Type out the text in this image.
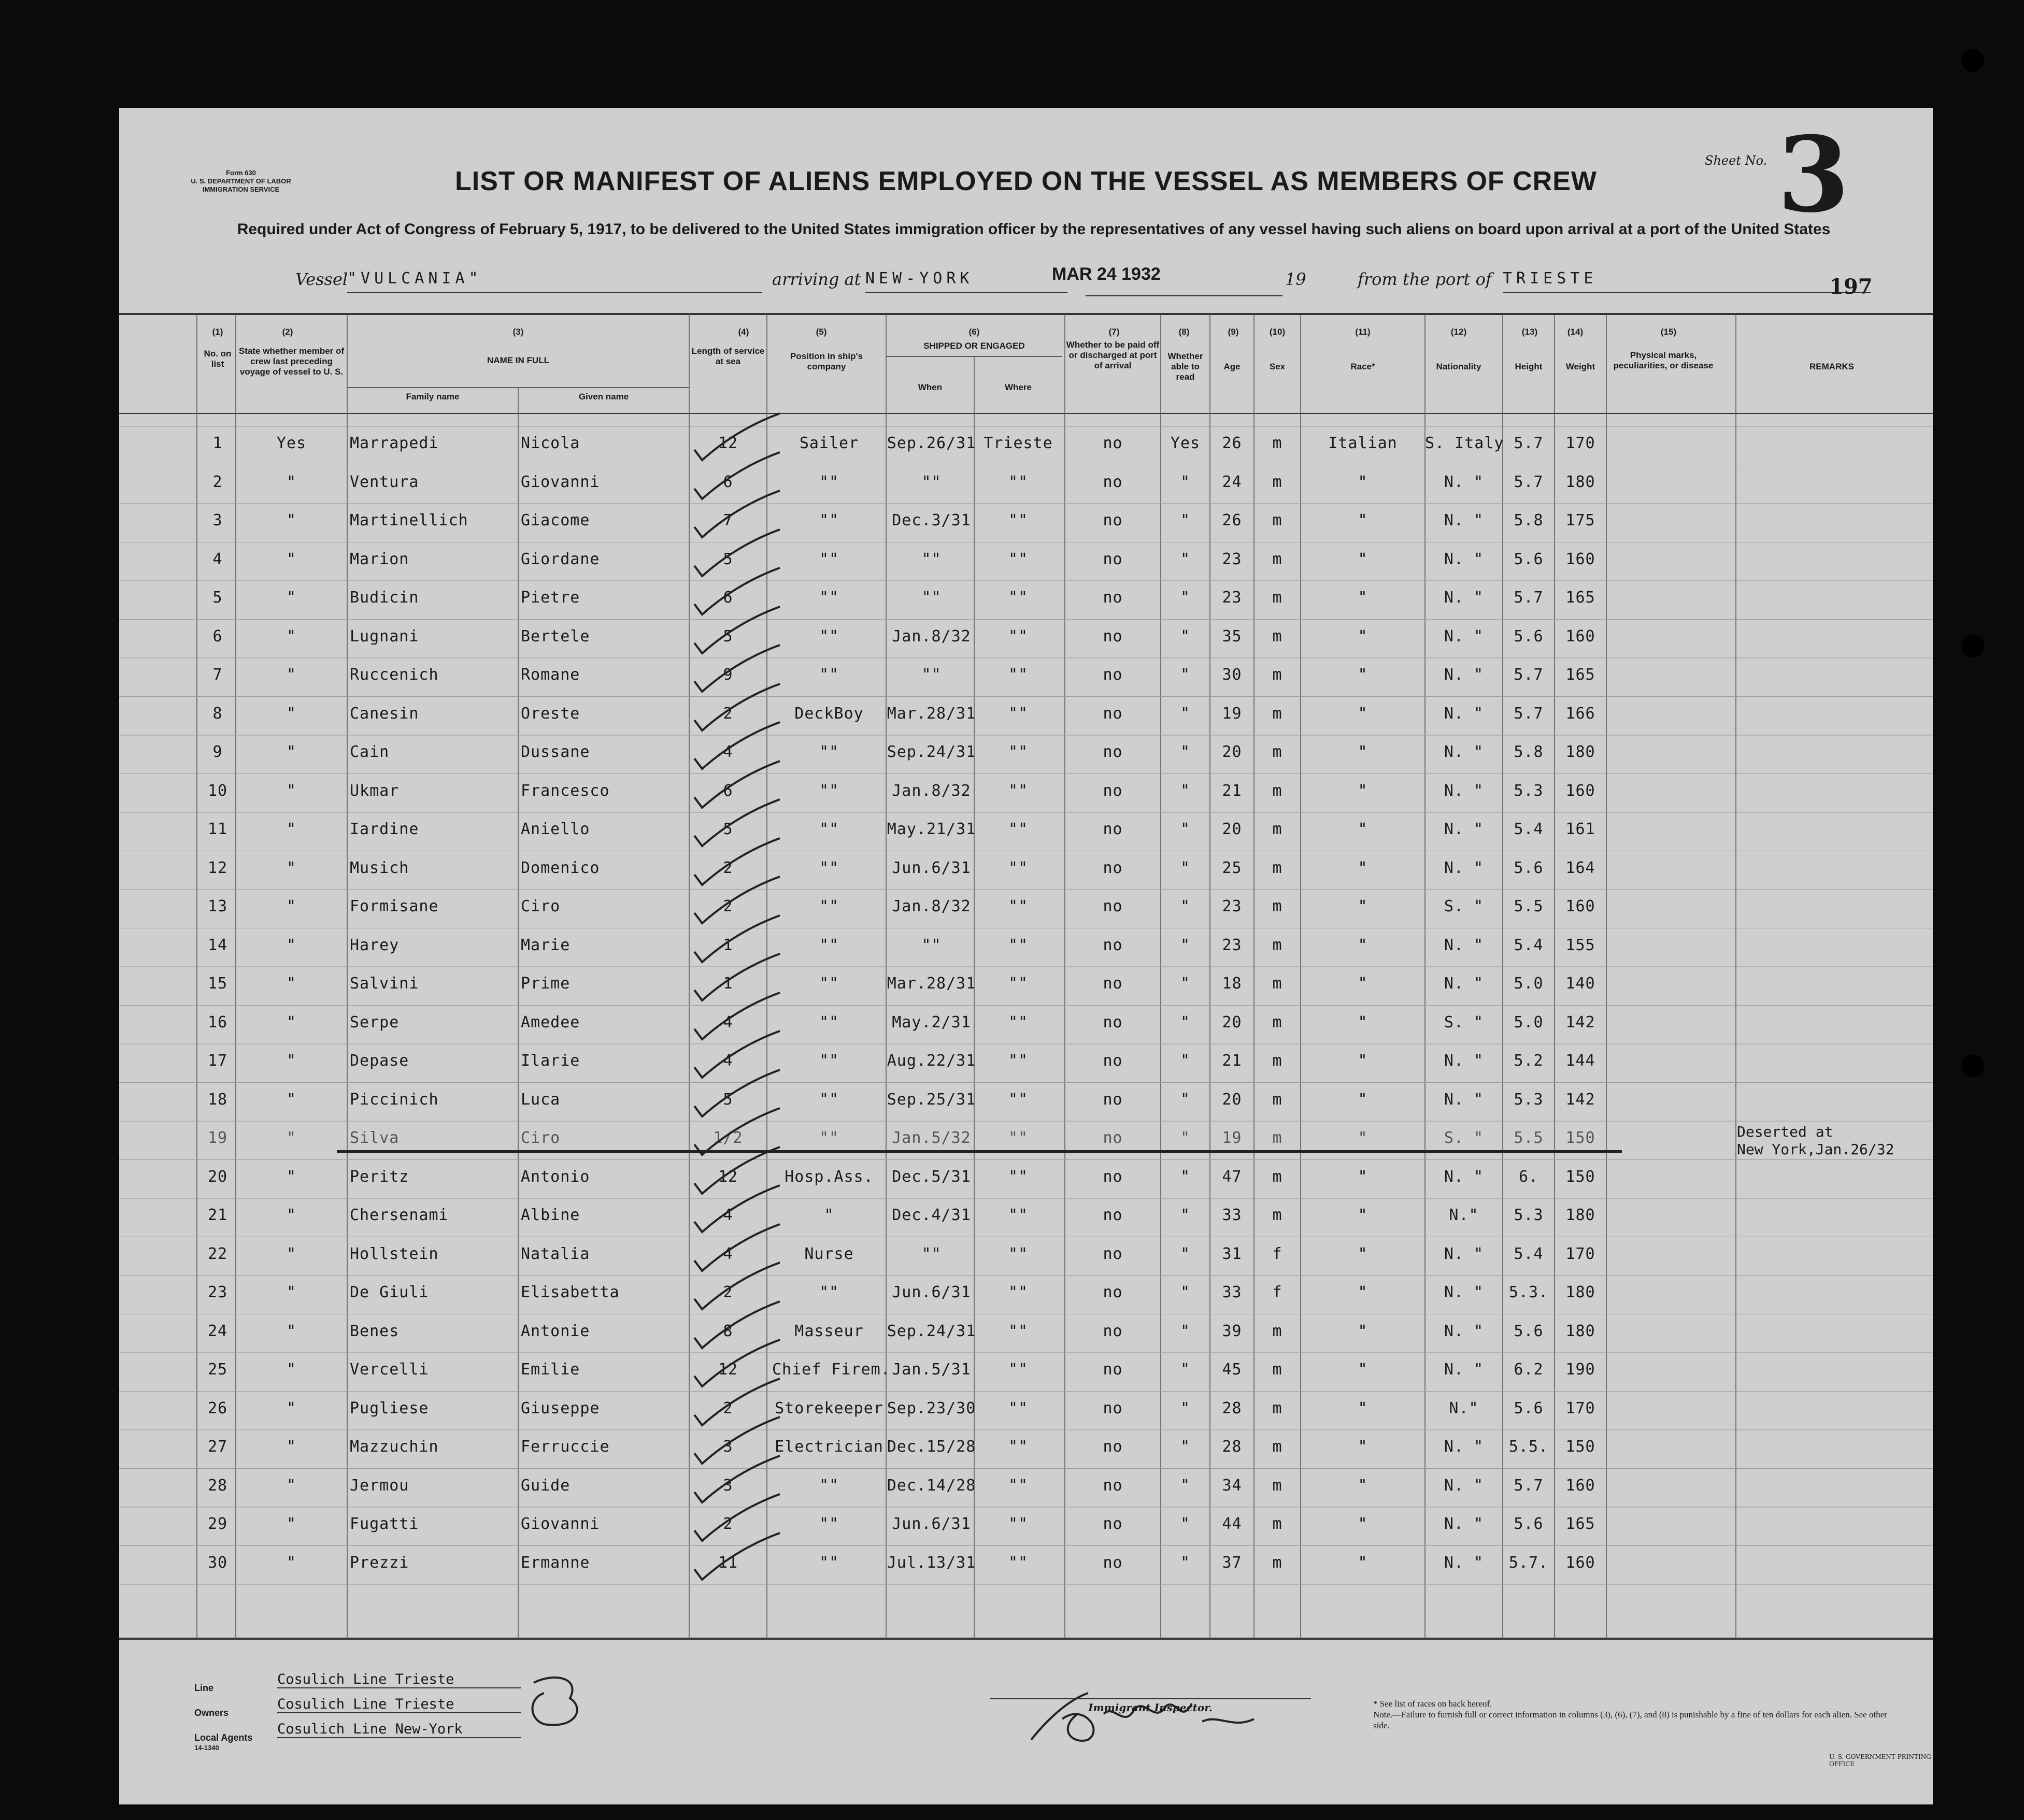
Form 630
U. S. DEPARTMENT OF LABOR
IMMIGRATION SERVICE	LIST OR MANIFEST OF ALIENS EMPLOYED ON THE VESSEL AS MEMBERS OF CREW
Required under Act of Congress of February 5, 1917, to be delivered to the United States immigration officer by the representatives of any vessel having such aliens on board upon arrival at a port of the United States
Sheet No. 3
Vessel
"VULCANIA"	arriving at NEW-YORK	MAR 24 1932	19	from the port of TRIESTE	197
(1)	(2)	(3)	(4)	(5)	(6)	(7)	(8)	(9)	(10)	(11)	(12)	(13)	(14)	(15)
No. on list
State whether member of crew last preceding voyage of vessel to U. S.
NAME IN FULL
Family name	Given name
Length of service at sea
Position in ship's company
SHIPPED OR ENGAGED
When	Where
Whether to be paid off or discharged at port of arrival
Whether able to read
Age	Sex	Race*	Nationality	Height	Weight
Physical marks, peculiarities, or disease	REMARKS
1	Yes	Marrapedi	Nicola	12	Sailer	Sep.26/31 Trieste	no	Yes	26	m	Italian	S. Italy 5.7	170
2	"	Ventura	Giovanni	6	""	""	""	no	"	24	m	"	N. "	5.7	180
3	"	Martinellich	Giacome	7	""	Dec.3/31	""	no	"	26	m	"	N. "	5.8	175
4	"	Marion	Giordane	5	""	""	""	no	"	23	m	"	N. "	5.6	160
5	"	Budicin	Pietre	6	""	""	""	no	"	23	m	"	N. "	5.7	165
6	"	Lugnani	Bertele	5	""	Jan.8/32	""	no	"	35	m	"	N. "	5.6	160
7	"	Ruccenich	Romane	9	""	""	""	no	"	30	m	"	N. "	5.7	165
8	"	Canesin	Oreste	2	DeckBoy	Mar.28/31	""	no	"	19	m	"	N. "	5.7	166
9	"	Cain	Dussane	4	""	Sep.24/31	""	no	"	20	m	"	N. "	5.8	180
10	"	Ukmar	Francesco	6	""	Jan.8/32	""	no	"	21	m	"	N. "	5.3	160
11	"	Iardine	Aniello	5	""	May.21/31	""	no	"	20	m	"	N. "	5.4	161
12	"	Musich	Domenico	2	""	Jun.6/31	""	no	"	25	m	"	N. "	5.6	164
13	"	Formisane	Ciro	2	""	Jan.8/32	""	no	"	23	m	"	S. "	5.5	160
14	"	Harey	Marie	1	""	""	""	no	"	23	m	"	N. "	5.4	155
15	"	Salvini	Prime	1	""	Mar.28/31	""	no	"	18	m	"	N. "	5.0	140
16	"	Serpe	Amedee	4	""	May.2/31	""	no	"	20	m	"	S. "	5.0	142
17	"	Depase	Ilarie	4	""	Aug.22/31	""	no	"	21	m	"	N. "	5.2	144
18	"	Piccinich	Luca	5	""	Sep.25/31	""	no	"	20	m	"	N. "	5.3	142
19	"	Silva	Ciro	1/2	""	Jan.5/32	""	no	"	19	m	"	S. "	5.5	150
20	"	Peritz	Antonio	12	Hosp.Ass.	Dec.5/31	""	no	"	47	m	"	N. "	6.	150
21	"	Chersenami	Albine	4	"	Dec.4/31	""	no	"	33	m	"	N."	5.3	180
22	"	Hollstein	Natalia	4	Nurse	""	""	no	"	31	f	"	N. "	5.4	170
23	"	De Giuli	Elisabetta	2	""	Jun.6/31	""	no	"	33	f	"	N. "	5.3.	180
24	"	Benes	Antonie	8	Masseur	Sep.24/31	""	no	"	39	m	"	N. "	5.6	180
25	"	Vercelli	Emilie	12	Chief Firem. Jan.5/31	""	no	"	45	m	"	N. "	6.2	190
26	"	Pugliese	Giuseppe	2	Storekeeper Sep.23/30	""	no	"	28	m	"	N."	5.6	170
27	"	Mazzuchin	Ferruccie	3	Electrician Dec.15/28	""	no	"	28	m	"	N. "	5.5.	150
28	"	Jermou	Guide	3	""	Dec.14/28	""	no	"	34	m	"	N. "	5.7	160
29	"	Fugatti	Giovanni	2	""	Jun.6/31	""	no	"	44	m	"	N. "	5.6	165
30	"	Prezzi	Ermanne	11	""	Jul.13/31	""	no	"	37	m	"	N. "	5.7.	160
Deserted at
New York,Jan.26/32
Line
Cosulich Line Trieste
Owners
Cosulich Line Trieste
Local Agents
Cosulich Line New-York
14-1340
Immigrant Inspector.	* See list of races on back hereof.
Note.—Failure to furnish full or correct information in columns (3), (6), (7), and (8) is punishable by a fine of ten dollars for each alien. See other side.
U. S. GOVERNMENT PRINTING OFFICE
